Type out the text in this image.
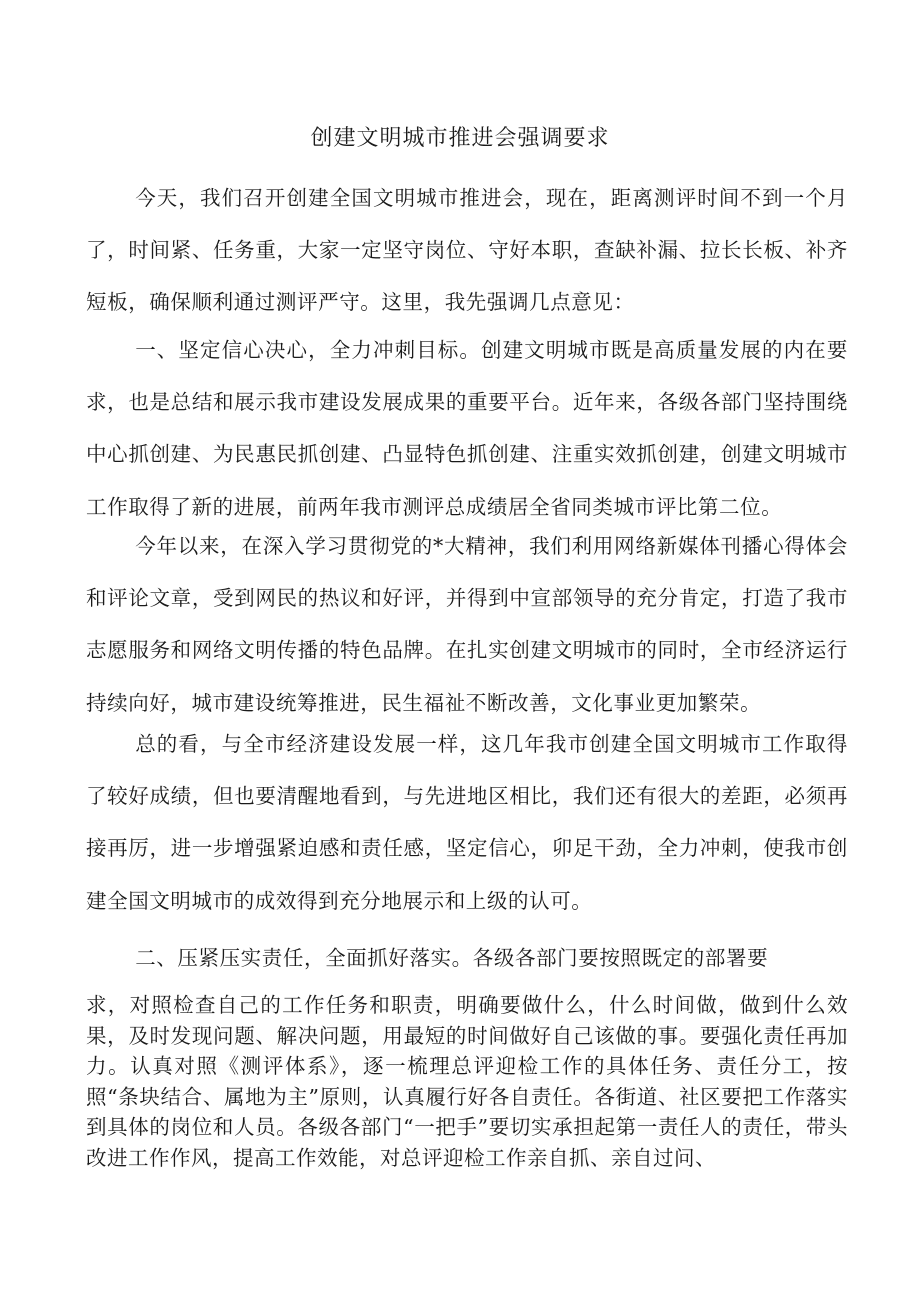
创建文明城市推进会强调要求

今天，我们召开创建全国文明城市推进会，现在，距离测评时间不到一个月了，时间紧、任务重，大家一定坚守岗位、守好本职，查缺补漏、拉长长板、补齐短板，确保顺利通过测评严守。这里，我先强调几点意见：

一、坚定信心决心，全力冲刺目标。创建文明城市既是高质量发展的内在要求，也是总结和展示我市建设发展成果的重要平台。近年来，各级各部门坚持围绕中心抓创建、为民惠民抓创建、凸显特色抓创建、注重实效抓创建，创建文明城市工作取得了新的进展，前两年我市测评总成绩居全省同类城市评比第二位。

今年以来，在深入学习贯彻党的*大精神，我们利用网络新媒体刊播心得体会和评论文章，受到网民的热议和好评，并得到中宣部领导的充分肯定，打造了我市志愿服务和网络文明传播的特色品牌。在扎实创建文明城市的同时，全市经济运行持续向好，城市建设统筹推进，民生福祉不断改善，文化事业更加繁荣。

总的看，与全市经济建设发展一样，这几年我市创建全国文明城市工作取得了较好成绩，但也要清醒地看到，与先进地区相比，我们还有很大的差距，必须再接再厉，进一步增强紧迫感和责任感，坚定信心，卯足干劲，全力冲刺，使我市创建全国文明城市的成效得到充分地展示和上级的认可。

二、压紧压实责任，全面抓好落实。各级各部门要按照既定的部署要

求，对照检查自己的工作任务和职责，明确要做什么，什么时间做，做到什么效果，及时发现问题、解决问题，用最短的时间做好自己该做的事。要强化责任再加力。认真对照《测评体系》，逐一梳理总评迎检工作的具体任务、责任分工，按照“条块结合、属地为主”原则，认真履行好各自责任。各街道、社区要把工作落实到具体的岗位和人员。各级各部门“一把手”要切实承担起第一责任人的责任，带头改进工作作风，提高工作效能，对总评迎检工作亲自抓、亲自过问、
